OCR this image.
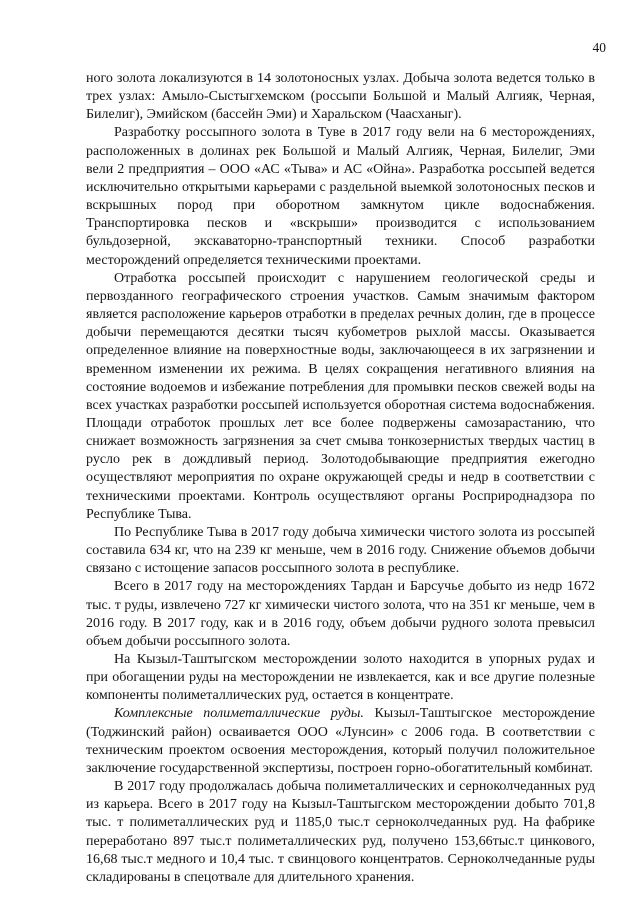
40

ного золота локализуются в 14 золотоносных узлах. Добыча золота ведется только в трех узлах: Амыло-Сыстыгхемском (россыпи Большой и Малый Алгияк, Черная, Билелиг), Эмийском (бассейн Эми) и Харальском (Чаасханыг).

Разработку россыпного золота в Туве в 2017 году вели на 6 месторождениях, расположенных в долинах рек Большой и Малый Алгияк, Черная, Билелиг, Эми вели 2 предприятия – ООО «АС «Тыва» и АС «Ойна». Разработка россыпей ведется исключительно открытыми карьерами с раздельной выемкой золотоносных песков и вскрышных пород при оборотном замкнутом цикле водоснабжения. Транспортировка песков и «вскрыши» производится с использованием бульдозерной, экскаваторно-транспортный техники. Способ разработки месторождений определяется техническими проектами.

Отработка россыпей происходит с нарушением геологической среды и первозданного географического строения участков. Самым значимым фактором является расположение карьеров отработки в пределах речных долин, где в процессе добычи перемещаются десятки тысяч кубометров рыхлой массы. Оказывается определенное влияние на поверхностные воды, заключающееся в их загрязнении и временном изменении их режима. В целях сокращения негативного влияния на состояние водоемов и избежание потребления для промывки песков свежей воды на всех участках разработки россыпей используется оборотная система водоснабжения. Площади отработок прошлых лет все более подвержены самозарастанию, что снижает возможность загрязнения за счет смыва тонкозернистых твердых частиц в русло рек в дождливый период. Золотодобывающие предприятия ежегодно осуществляют мероприятия по охране окружающей среды и недр в соответствии с техническими проектами. Контроль осуществляют органы Росприроднадзора по Республике Тыва.

По Республике Тыва в 2017 году добыча химически чистого золота из россыпей составила 634 кг, что на 239 кг меньше, чем в 2016 году. Снижение объемов добычи связано с истощение запасов россыпного золота в республике.

Всего в 2017 году на месторождениях Тардан и Барсучье добыто из недр 1672 тыс. т руды, извлечено 727 кг химически чистого золота, что на 351 кг меньше, чем в 2016 году. В 2017 году, как и в 2016 году, объем добычи рудного золота превысил объем добычи россыпного золота.

На Кызыл-Таштыгском месторождении золото находится в упорных рудах и при обогащении руды на месторождении не извлекается, как и все другие полезные компоненты полиметаллических руд, остается в концентрате.

Комплексные полиметаллические руды. Кызыл-Таштыгское месторождение (Тоджинский район) осваивается ООО «Лунсин» с 2006 года. В соответствии с техническим проектом освоения месторождения, который получил положительное заключение государственной экспертизы, построен горно-обогатительный комбинат.

В 2017 году продолжалась добыча полиметаллических и серноколчеданных руд из карьера. Всего в 2017 году на Кызыл-Таштыгском месторождении добыто 701,8 тыс. т полиметаллических руд и 1185,0 тыс.т серноколчеданных руд. На фабрике переработано 897 тыс.т полиметаллических руд, получено 153,66тыс.т цинкового, 16,68 тыс.т медного и 10,4 тыс. т свинцового концентратов. Серноколчеданные руды складированы в спецотвале для длительного хранения.
